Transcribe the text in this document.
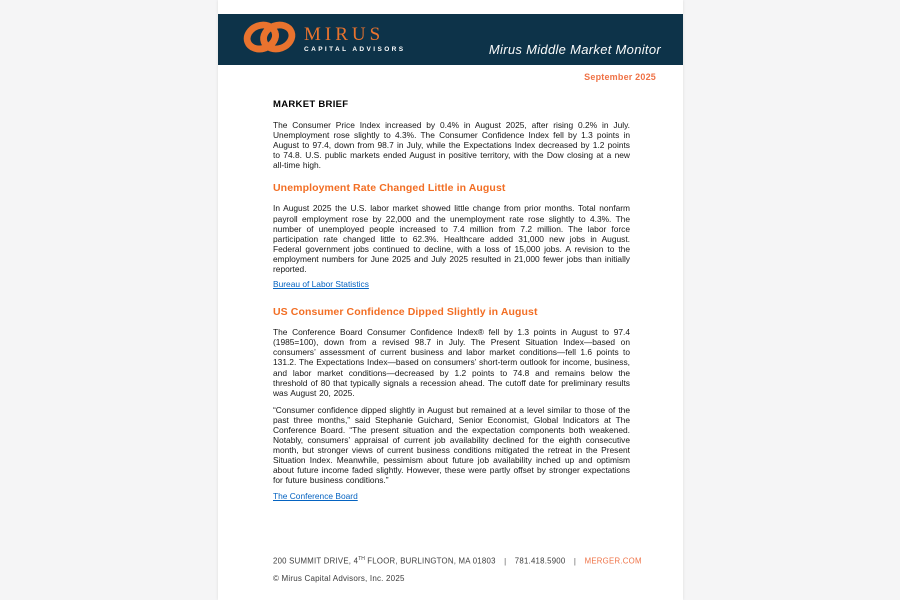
MIRUS
CAPITAL ADVISORS	Mirus Middle Market Monitor
September 2025
MARKET BRIEF

The Consumer Price Index increased by 0.4% in August 2025, after rising 0.2% in July. Unemployment rose slightly to 4.3%. The Consumer Confidence Index fell by 1.3 points in August to 97.4, down from 98.7 in July, while the Expectations Index decreased by 1.2 points to 74.8. U.S. public markets ended August in positive territory, with the Dow closing at a new all-time high.

Unemployment Rate Changed Little in August

In August 2025 the U.S. labor market showed little change from prior months. Total nonfarm payroll employment rose by 22,000 and the unemployment rate rose slightly to 4.3%. The number of unemployed people increased to 7.4 million from 7.2 million. The labor force participation rate changed little to 62.3%. Healthcare added 31,000 new jobs in August. Federal government jobs continued to decline, with a loss of 15,000 jobs. A revision to the employment numbers for June 2025 and July 2025 resulted in 21,000 fewer jobs than initially reported.

Bureau of Labor Statistics
US Consumer Confidence Dipped Slightly in August

The Conference Board Consumer Confidence Index® fell by 1.3 points in August to 97.4 (1985=100), down from a revised 98.7 in July. The Present Situation Index—based on consumers’ assessment of current business and labor market conditions—fell 1.6 points to 131.2. The Expectations Index—based on consumers’ short-term outlook for income, business, and labor market conditions—decreased by 1.2 points to 74.8 and remains below the threshold of 80 that typically signals a recession ahead. The cutoff date for preliminary results was August 20, 2025.

“Consumer confidence dipped slightly in August but remained at a level similar to those of the past three months,” said Stephanie Guichard, Senior Economist, Global Indicators at The Conference Board. “The present situation and the expectation components both weakened. Notably, consumers’ appraisal of current job availability declined for the eighth consecutive month, but stronger views of current business conditions mitigated the retreat in the Present Situation Index. Meanwhile, pessimism about future job availability inched up and optimism about future income faded slightly. However, these were partly offset by stronger expectations for future business conditions.”

The Conference Board
200 SUMMIT DRIVE, 4TH FLOOR, BURLINGTON, MA 01803 | 781.418.5900 | MERGER.COM
© Mirus Capital Advisors, Inc. 2025
